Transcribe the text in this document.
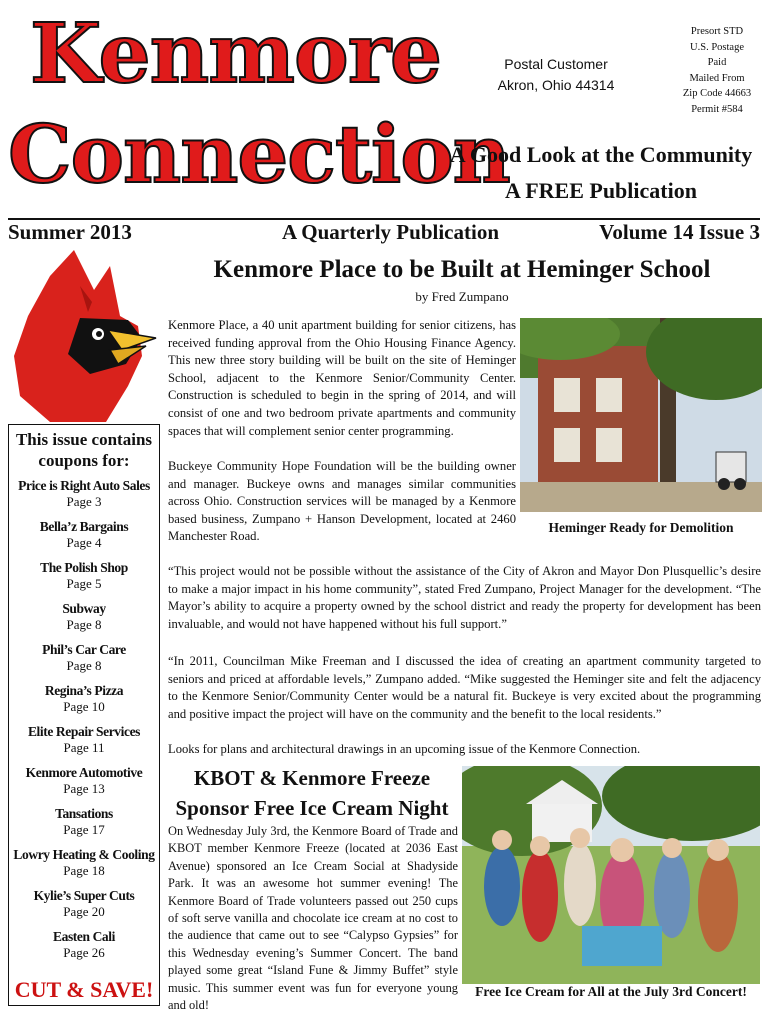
Kenmore
Connection
Postal Customer
Akron, Ohio 44314
Presort STD
U.S. Postage
Paid
Mailed From
Zip Code 44663
Permit #584
A Good Look at the Community
A FREE Publication
Summer 2013	A Quarterly Publication	Volume 14 Issue 3
This issue contains coupons for:
Price is Right Auto Sales
Page 3
Bella’z Bargains
Page 4
The Polish Shop
Page 5
Subway
Page 8
Phil’s Car Care
Page 8
Regina’s Pizza
Page 10
Elite Repair Services
Page 11
Kenmore Automotive
Page 13
Tansations
Page 17
Lowry Heating & Cooling
Page 18
Kylie’s Super Cuts
Page 20
Easten Cali
Page 26
CUT & SAVE!
Kenmore Place to be Built at Heminger School
by Fred Zumpano
Kenmore Place, a 40 unit apartment building for senior citizens, has received funding approval from the Ohio Housing Finance Agency. This new three story building will be built on the site of Heminger School, adjacent to the Kenmore Senior/Community Center. Construction is scheduled to begin in the spring of 2014, and will consist of one and two bedroom private apartments and community spaces that will complement senior center programming.
Buckeye Community Hope Foundation will be the building owner and manager. Buckeye owns and manages similar communities across Ohio. Construction services will be managed by a Kenmore based business, Zumpano + Hanson Development, located at 2460 Manchester Road.
Heminger Ready for Demolition
“This project would not be possible without the assistance of the City of Akron and Mayor Don Plusquellic’s desire to make a major impact in his home community”, stated Fred Zumpano, Project Manager for the development. “The Mayor’s ability to acquire a property owned by the school district and ready the property for development has been invaluable, and would not have happened without his full support.”
“In 2011, Councilman Mike Freeman and I discussed the idea of creating an apartment community targeted to seniors and priced at affordable levels,” Zumpano added. “Mike suggested the Heminger site and felt the adjacency to the Kenmore Senior/Community Center would be a natural fit. Buckeye is very excited about the programming and positive impact the project will have on the community and the benefit to the local residents.”
Looks for plans and architectural drawings in an upcoming issue of the Kenmore Connection.
KBOT & Kenmore Freeze
Sponsor Free Ice Cream Night
On Wednesday July 3rd, the Kenmore Board of Trade and KBOT member Kenmore Freeze (located at 2036 East Avenue) sponsored an Ice Cream Social at Shadyside Park. It was an awesome hot summer evening! The Kenmore Board of Trade volunteers passed out 250 cups of soft serve vanilla and chocolate ice cream at no cost to the audience that came out to see “Calypso Gypsies” for this Wednesday evening’s Summer Concert. The band played some great “Island Fune & Jimmy Buffet” style music. This summer event was fun for everyone young and old!
Free Ice Cream for All at the July 3rd Concert!
